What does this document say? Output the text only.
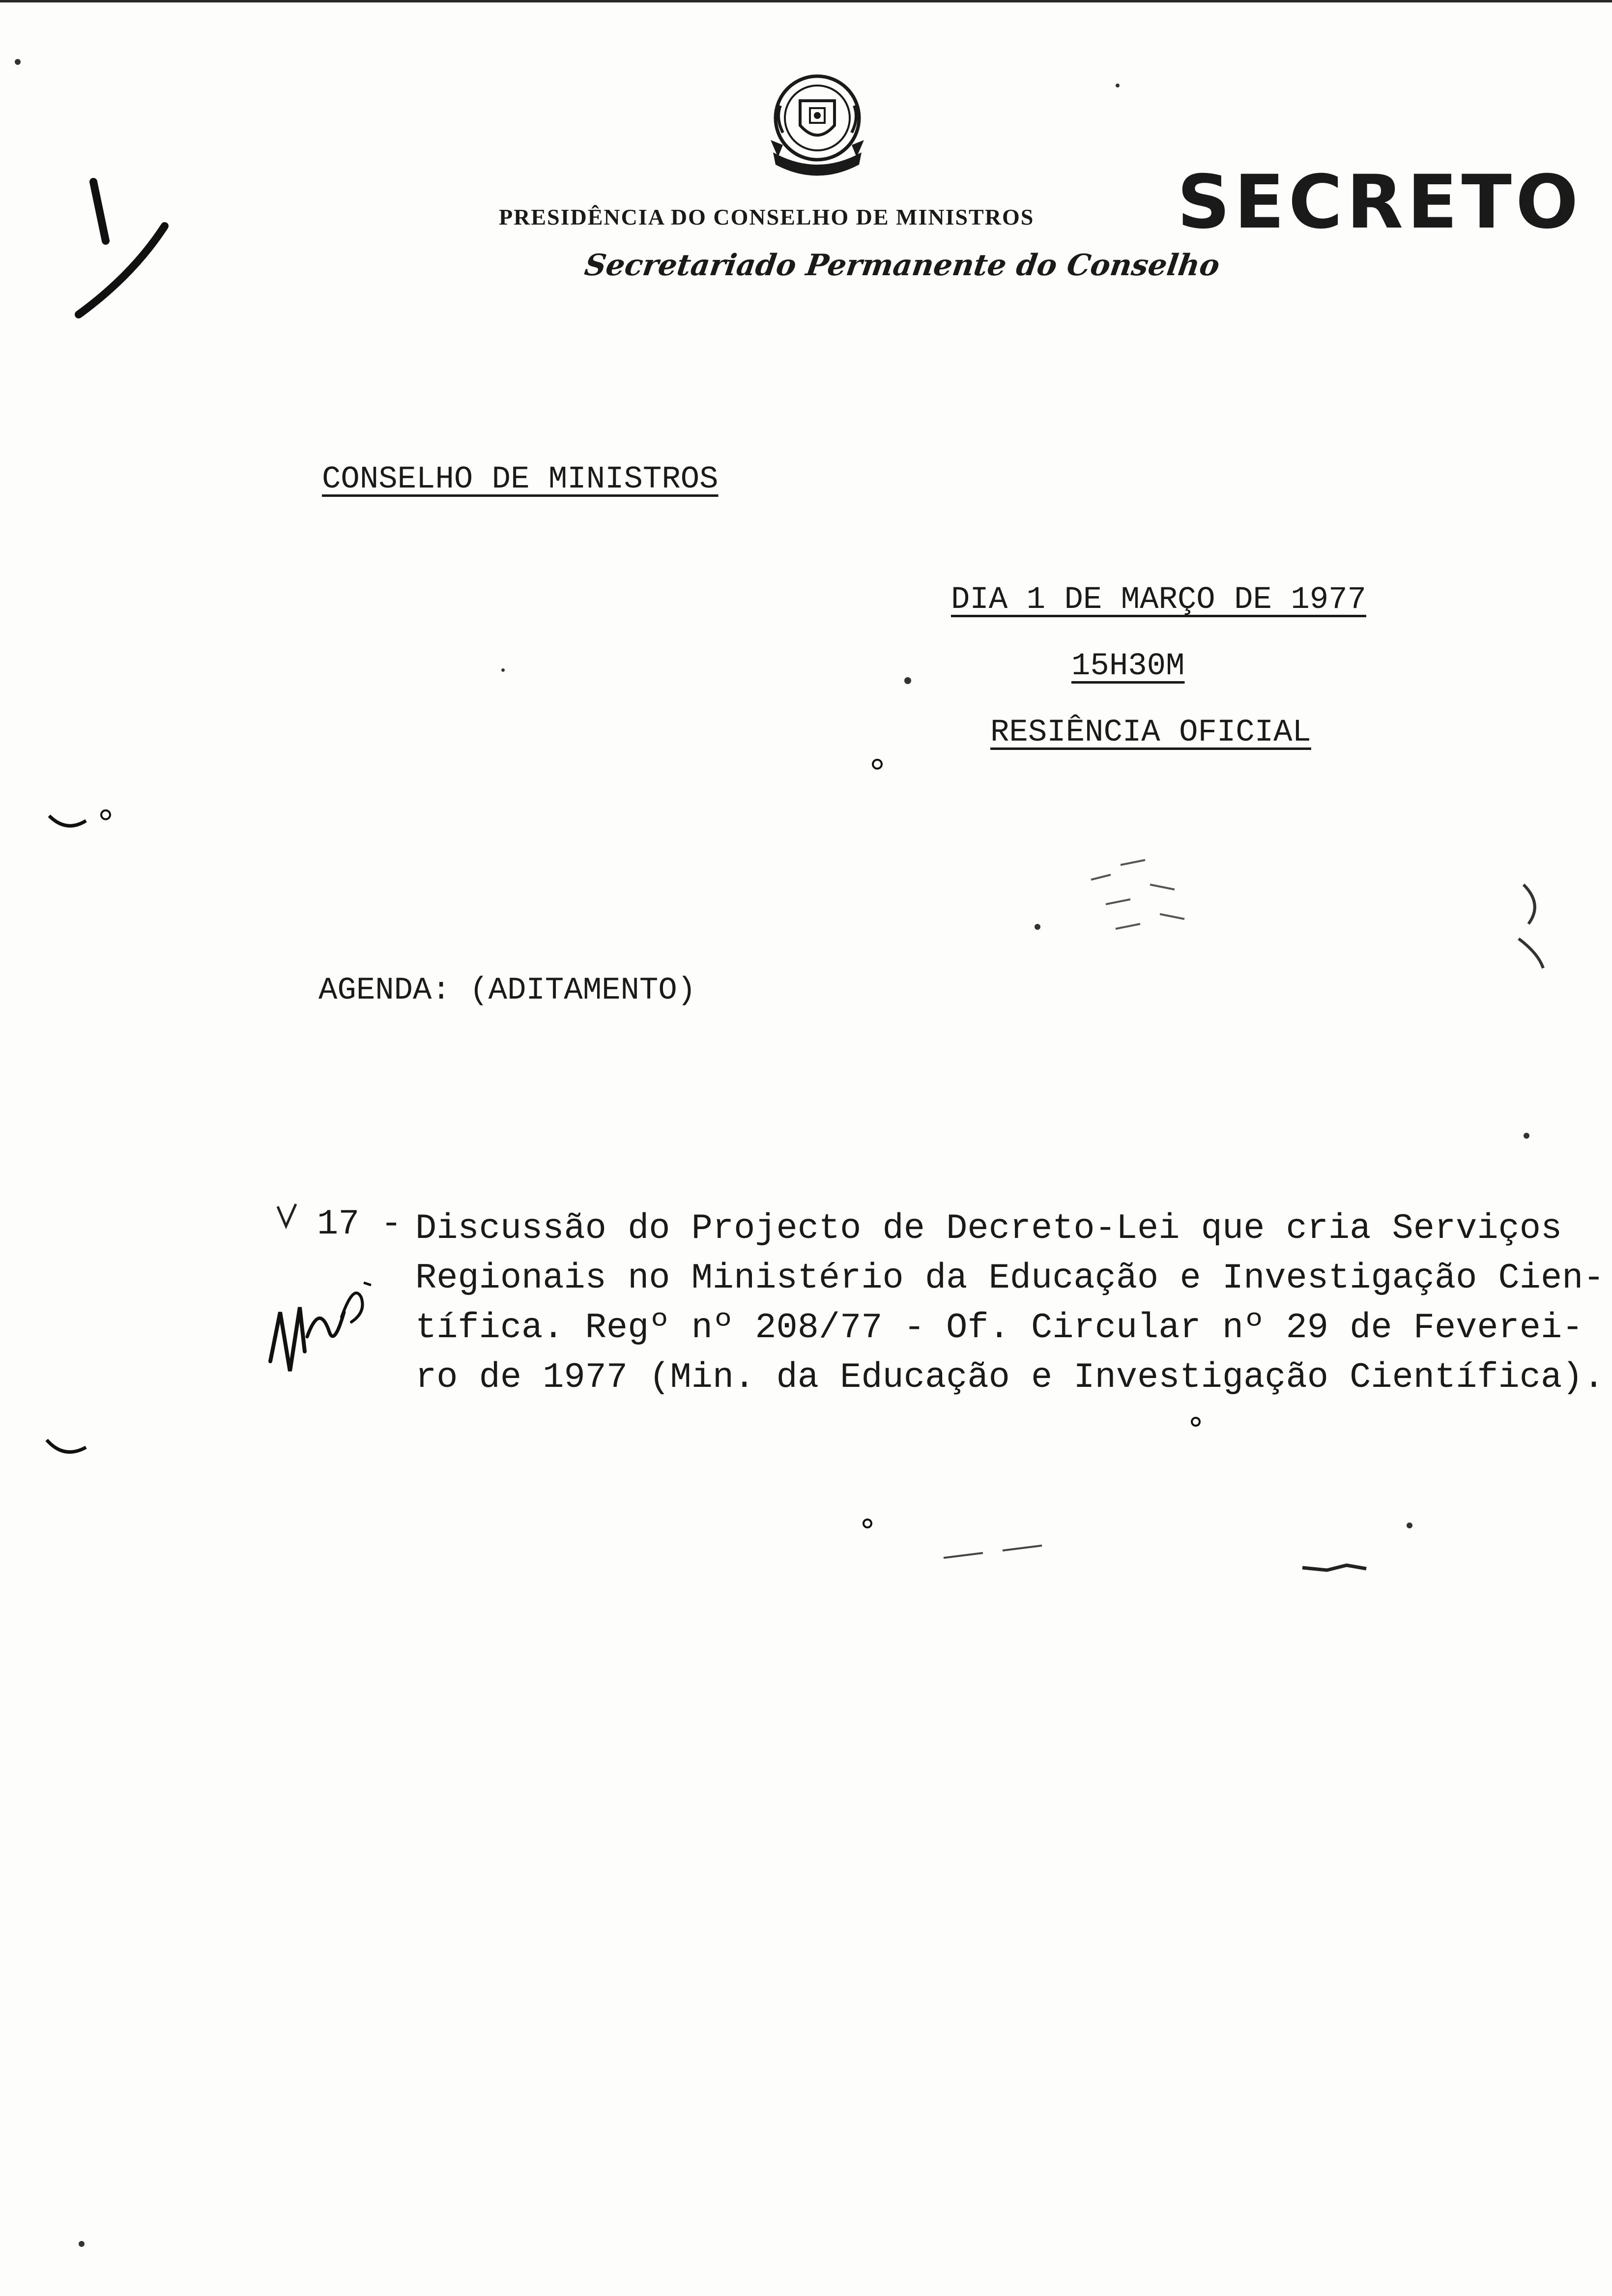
PRESIDÊNCIA DO CONSELHO DE MINISTROS
Secretariado Permanente do Conselho
SECRETO
CONSELHO DE MINISTROS
DIA 1 DE MARÇO DE 1977
15H30M
RESIÊNCIA OFICIAL
AGENDA: (ADITAMENTO)
17 - Discussão do Projecto de Decreto-Lei que cria Serviços
Regionais no Ministério da Educação e Investigação Cien-
tífica. Regº nº 208/77 - Of. Circular nº 29 de Feverei-
ro de 1977 (Min. da Educação e Investigação Científica).
